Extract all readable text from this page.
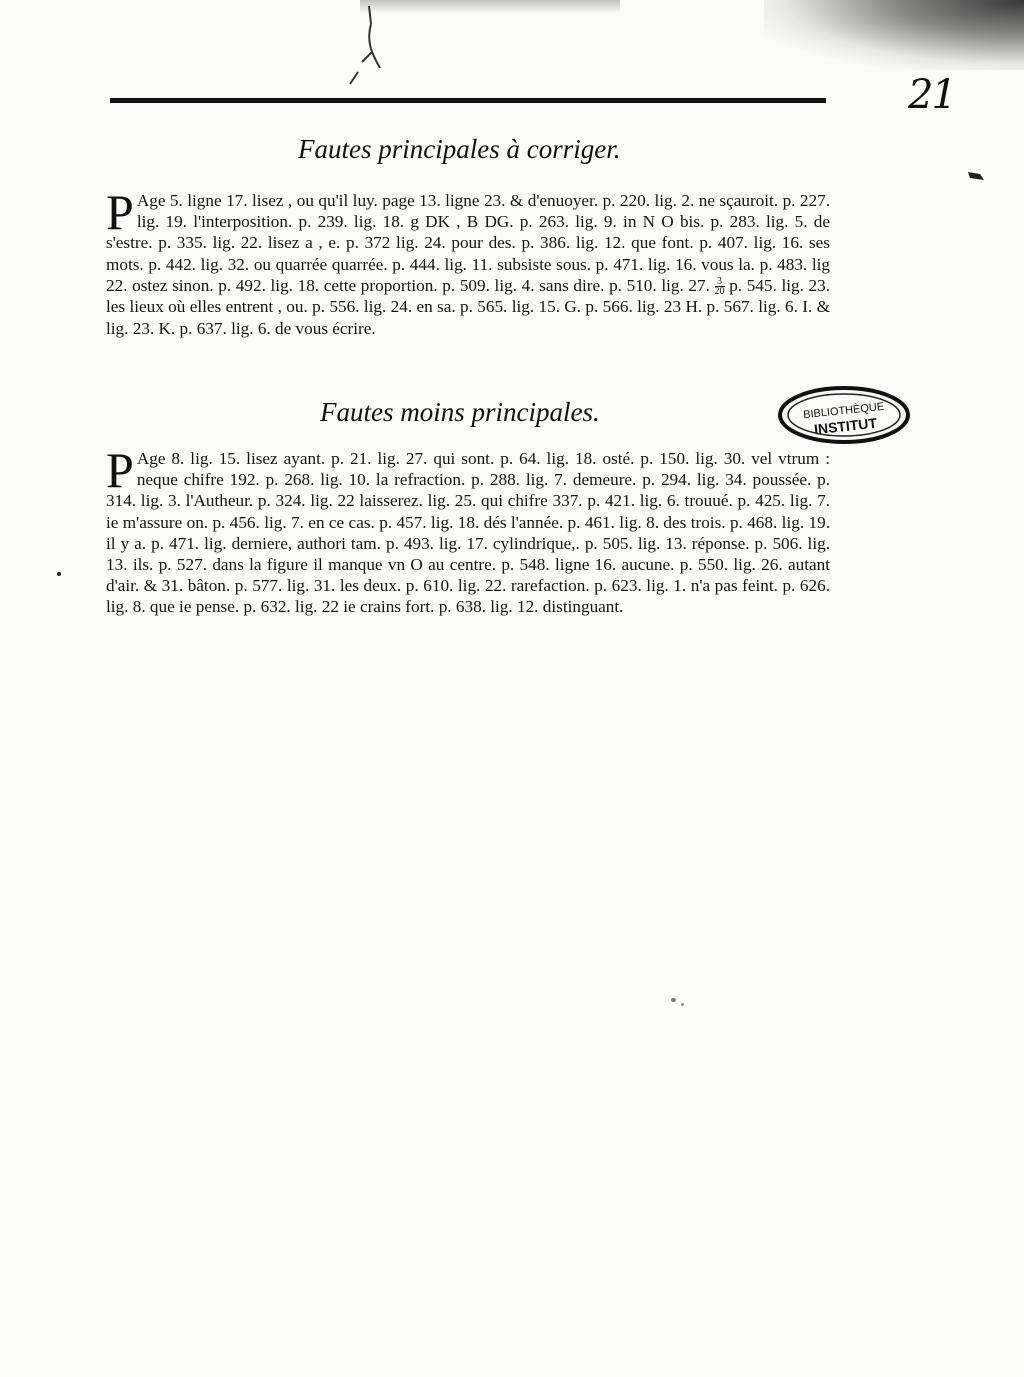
21
Fautes principales à corriger.
P Age 5. ligne 17. lisez , ou qu'il luy. page 13. ligne 23. & d'enuoyer. p. 220. lig. 2. ne sçauroit. p. 227. lig. 19. l'interposition. p. 239. lig. 18. g DK , B DG. p. 263. lig. 9. in N O bis. p. 283. lig. 5. de s'estre. p. 335. lig. 22. lisez a , e. p. 372 lig. 24. pour des. p. 386. lig. 12. que font. p. 407. lig. 16. ses mots. p. 442. lig. 32. ou quarrée quarrée. p. 444. lig. 11. subsiste sous. p. 471. lig. 16. vous la. p. 483. lig 22. ostez sinon. p. 492. lig. 18. cette proportion. p. 509. lig. 4. sans dire. p. 510. lig. 27. $\frac{3}{20} p$. 545. lig. 23. les lieux où elles entrent , ou. p. 556. lig. 24. en sa. p. 565. lig. 15. G. p. 566. lig. 23 H. p. 567. lig. 6. I. & lig. 23. K. p. 637. lig. 6. de vous écrire.
Fautes moins principales.	BIBLIOTHÈQUE
INSTITUT
P Age 8. lig. 15. lisez ayant. p. 21. lig. 27. qui sont. p. 64. lig. 18. osté. p. 150. lig. 30. vel vtrum : neque chifre 192. p. 268. lig. 10. la refraction. p. 288. lig. 7. demeure. p. 294. lig. 34. poussée. p. 314. lig. 3. l'Autheur. p. 324. lig. 22 laisserez. lig. 25. qui chifre 337. p. 421. lig. 6. trouué. p. 425. lig. 7. ie m'assure on. p. 456. lig. 7. en ce cas. p. 457. lig. 18. dés l'année. p. 461. lig. 8. des trois. p. 468. lig. 19. il y a. p. 471. lig. derniere, authori tam. p. 493. lig. 17. cylindrique,. p. 505. lig. 13. réponse. p. 506. lig. 13. ils. p. 527. dans la figure il manque vn O au centre. p. 548. ligne 16. aucune. p. 550. lig. 26. autant d'air. & 31. bâton. p. 577. lig. 31. les deux. p. 610. lig. 22. rarefaction. p. 623. lig. 1. n'a pas feint. p. 626. lig. 8. que ie pense. p. 632. lig. 22 ie crains fort. p. 638. lig. 12. distinguant.
